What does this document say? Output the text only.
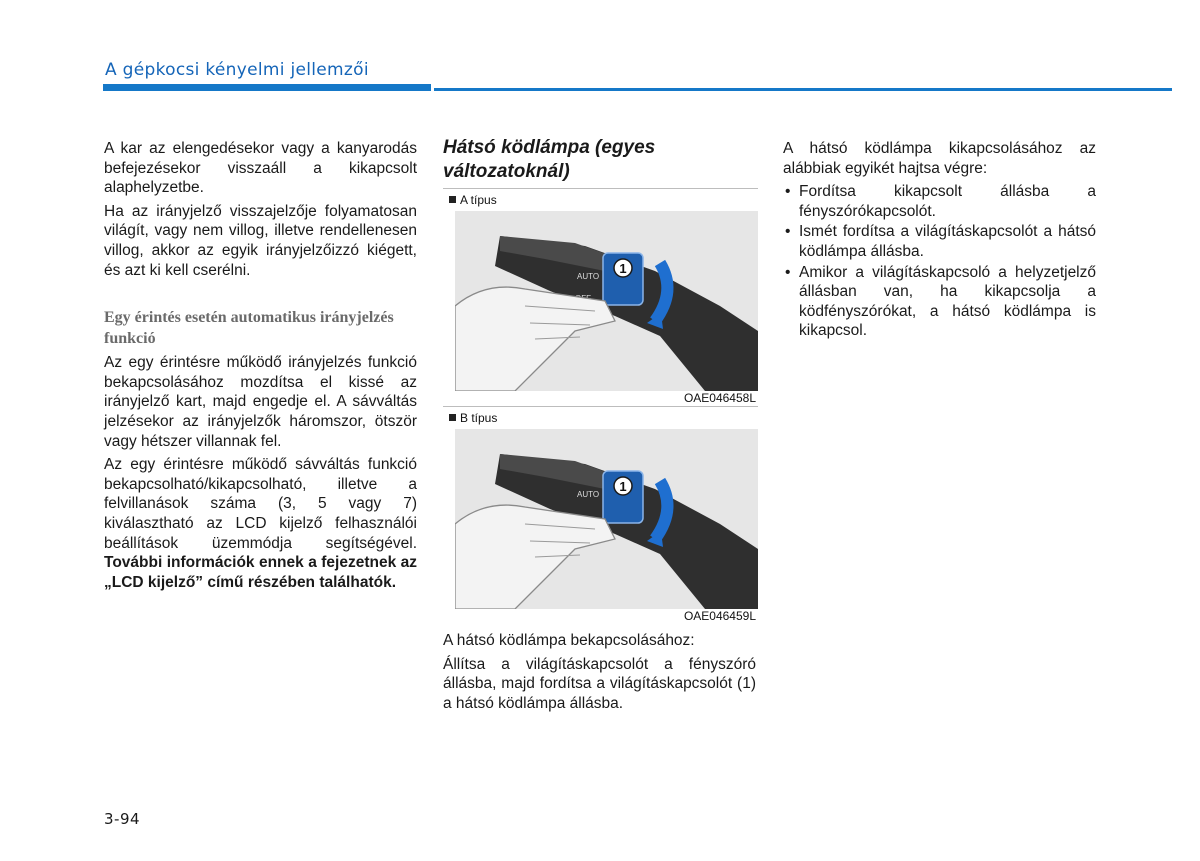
A gépkocsi kényelmi jellemzői

A kar az elengedésekor vagy a kanyarodás befejezésekor visszaáll a kikapcsolt alaphelyzetbe.

Ha az irányjelző visszajelzője folyamatosan világít, vagy nem villog, illetve rendellenesen villog, akkor az egyik irányjelzőizzó kiégett, és azt ki kell cserélni.

Egy érintés esetén automatikus irányjelzés funkció

Az egy érintésre működő irányjelzés funkció bekapcsolásához mozdítsa el kissé az irányjelző kart, majd engedje el. A sávváltás jelzésekor az irányjelzők háromszor, ötször vagy hétszer villannak fel.

Az egy érintésre működő sávváltás funkció bekapcsolható/kikapcsolható, illetve a felvillanások száma (3, 5 vagy 7) kiválasztható az LCD kijelző felhasználói beállítások üzemmódja segítségével. További információk ennek a fejezetnek az „LCD kijelző” című részében találhatók.

Hátsó ködlámpa (egyes változatoknál)
A típus
1
AUTO
OAE046458L
B típus
1
AUTO
OAE046459L

A hátsó ködlámpa bekapcsolásához:

Állítsa a világításkapcsolót a fényszóró állásba, majd fordítsa a világításkapcsolót (1) a hátsó ködlámpa állásba.

A hátsó ködlámpa kikapcsolásához az alábbiak egyikét hajtsa végre:

• Fordítsa kikapcsolt állásba a fényszórókapcsolót.
• Ismét fordítsa a világításkapcsolót a hátsó ködlámpa állásba.
• Amikor a világításkapcsoló a helyzetjelző állásban van, ha kikapcsolja a ködfényszórókat, a hátsó ködlámpa is kikapcsol.
3-94
